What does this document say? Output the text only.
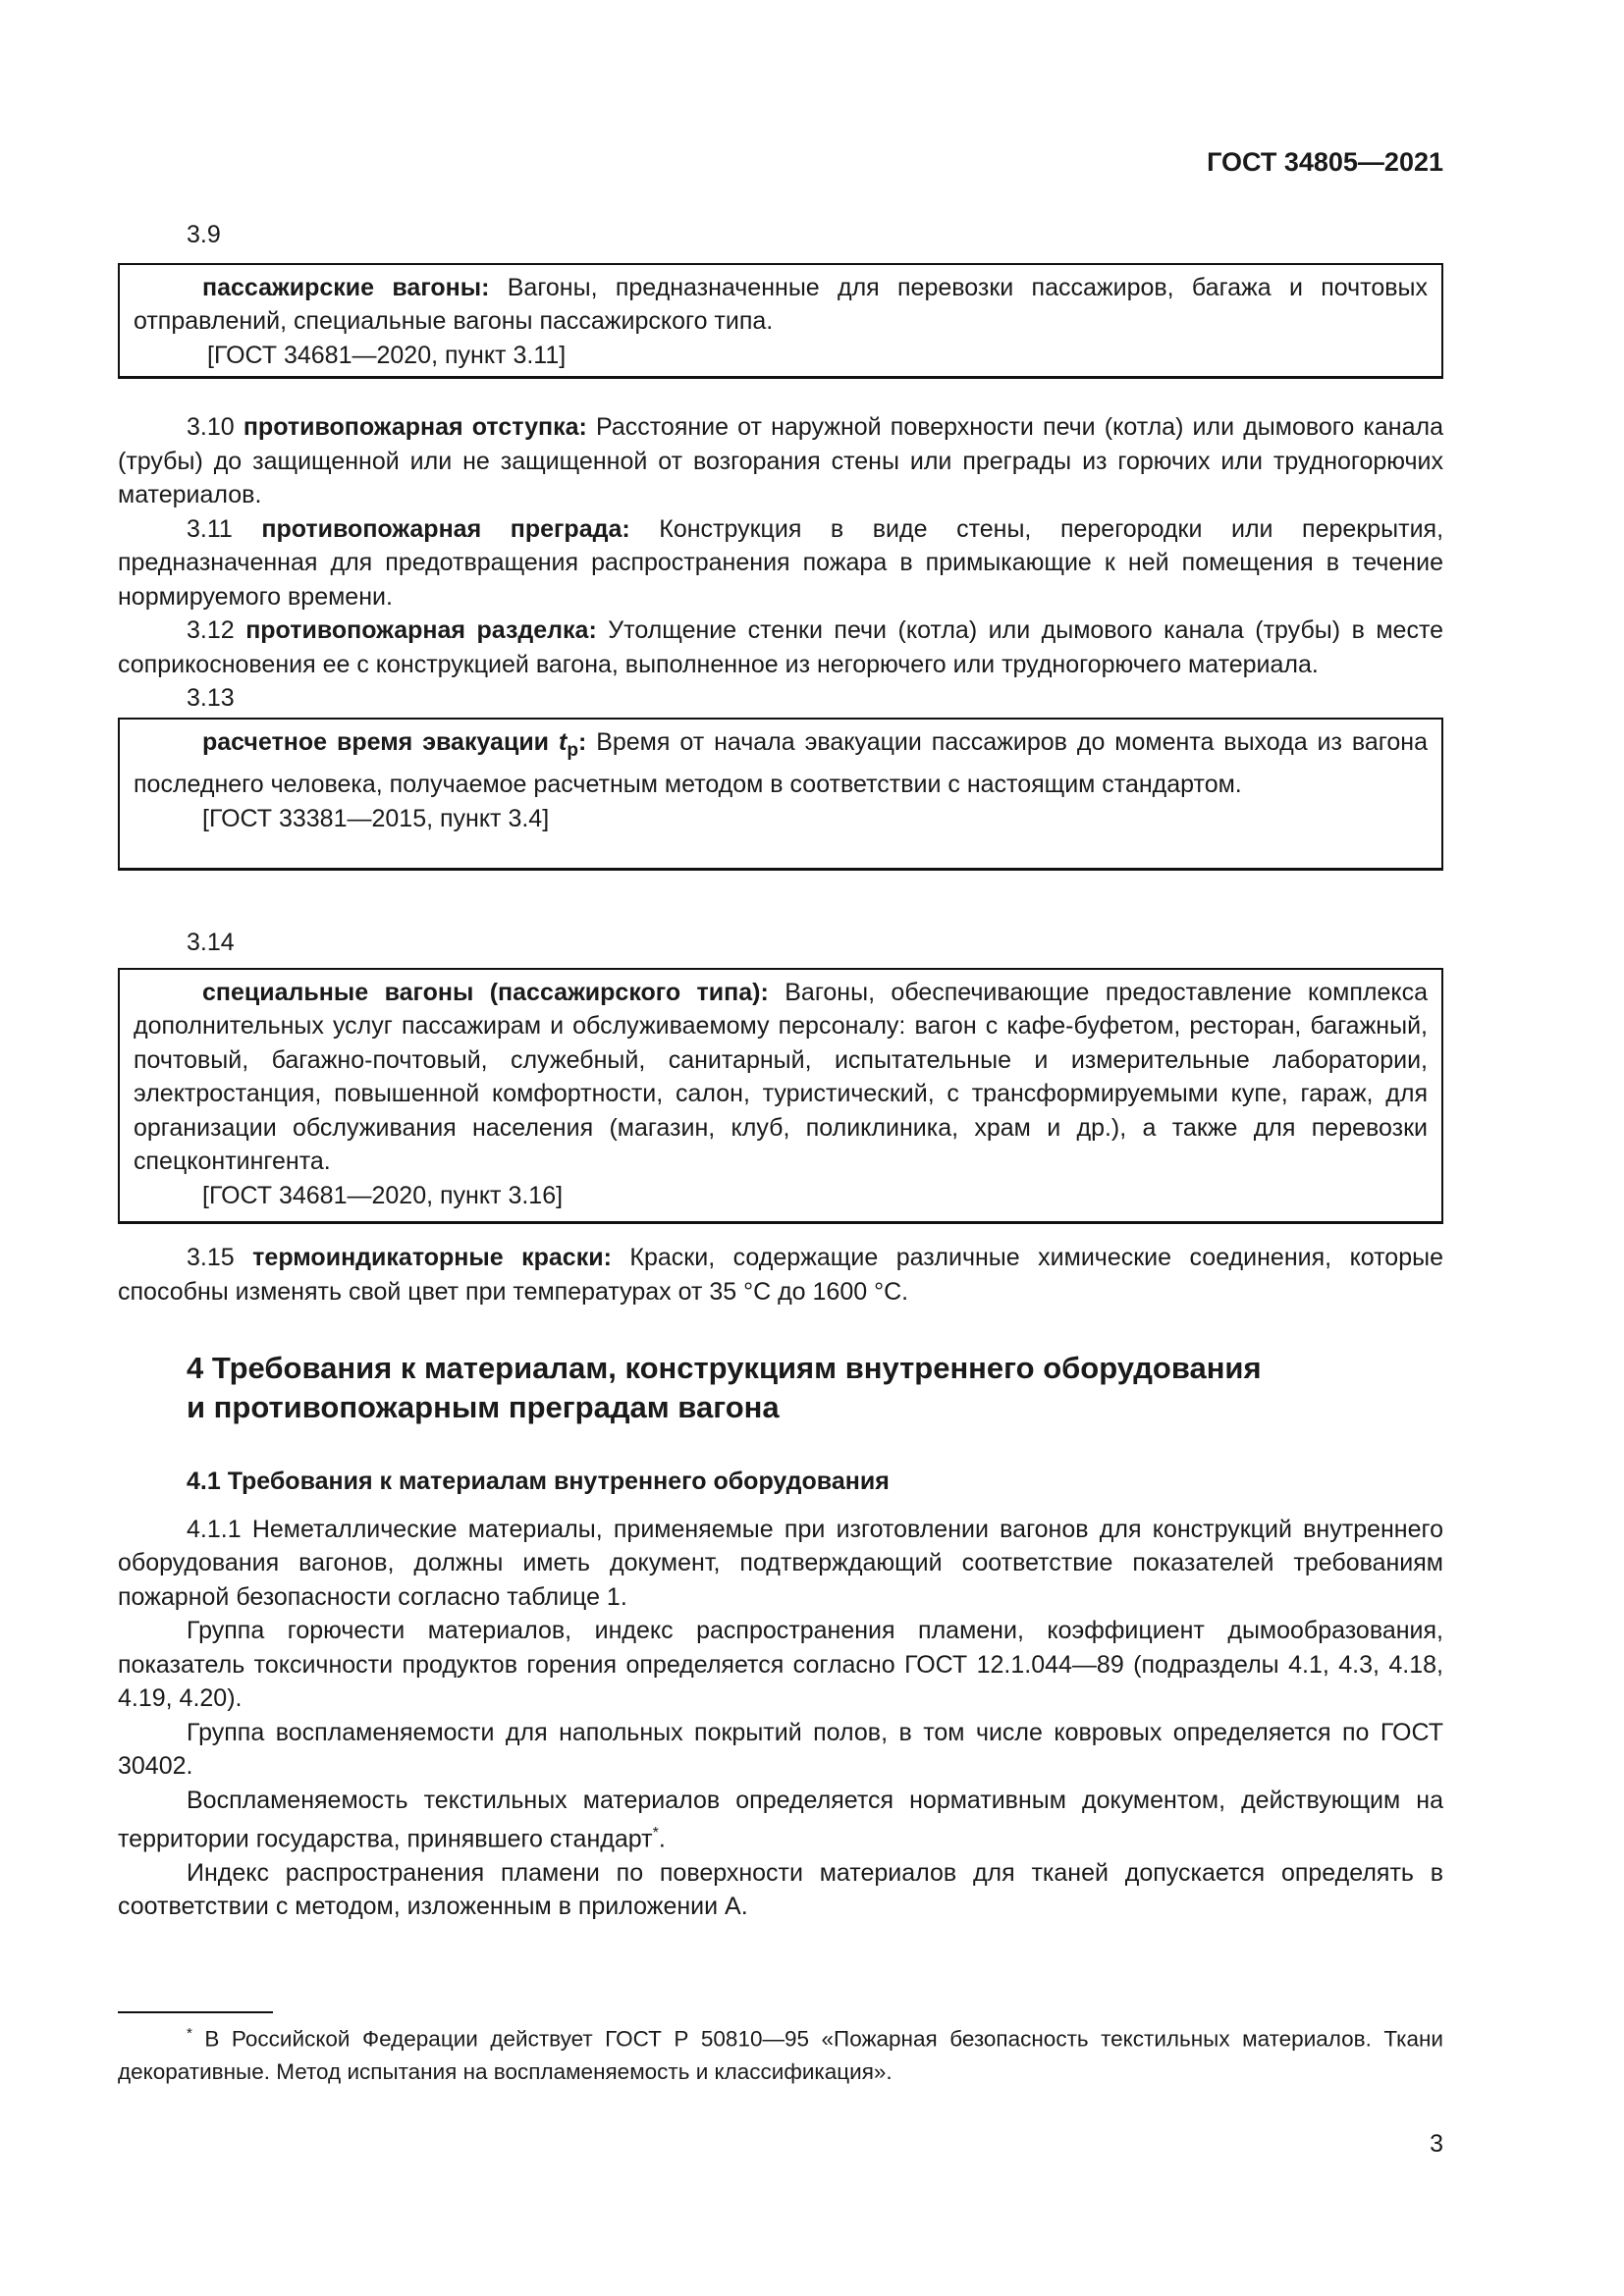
ГОСТ 34805—2021

3.9

пассажирские вагоны: Вагоны, предназначенные для перевозки пассажиров, багажа и почтовых отправлений, специальные вагоны пассажирского типа.

[ГОСТ 34681—2020, пункт 3.11]

3.10 противопожарная отступка: Расстояние от наружной поверхности печи (котла) или дымового канала (трубы) до защищенной или не защищенной от возгорания стены или преграды из горючих или трудногорючих материалов.

3.11 противопожарная преграда: Конструкция в виде стены, перегородки или перекрытия, предназначенная для предотвращения распространения пожара в примыкающие к ней помещения в течение нормируемого времени.

3.12 противопожарная разделка: Утолщение стенки печи (котла) или дымового канала (трубы) в месте соприкосновения ее с конструкцией вагона, выполненное из негорючего или трудногорючего материала.

3.13

расчетное время эвакуации $t_р$: Время от начала эвакуации пассажиров до момента выхода из вагона последнего человека, получаемое расчетным методом в соответствии с настоящим стандартом.

[ГОСТ 33381—2015, пункт 3.4]

3.14

специальные вагоны (пассажирского типа): Вагоны, обеспечивающие предоставление комплекса дополнительных услуг пассажирам и обслуживаемому персоналу: вагон с кафе-буфетом, ресторан, багажный, почтовый, багажно-почтовый, служебный, санитарный, испытательные и измерительные лаборатории, электростанция, повышенной комфортности, салон, туристический, с трансформируемыми купе, гараж, для организации обслуживания населения (магазин, клуб, поликлиника, храм и др.), а также для перевозки спецконтингента.

[ГОСТ 34681—2020, пункт 3.16]

3.15 термоиндикаторные краски: Краски, содержащие различные химические соединения, которые способны изменять свой цвет при температурах от 35 °С до 1600 °С.

4 Требования к материалам, конструкциям внутреннего оборудования

и противопожарным преградам вагона

4.1 Требования к материалам внутреннего оборудования

4.1.1 Неметаллические материалы, применяемые при изготовлении вагонов для конструкций внутреннего оборудования вагонов, должны иметь документ, подтверждающий соответствие показателей требованиям пожарной безопасности согласно таблице 1.

Группа горючести материалов, индекс распространения пламени, коэффициент дымообразования, показатель токсичности продуктов горения определяется согласно ГОСТ 12.1.044—89 (подразделы 4.1, 4.3, 4.18, 4.19, 4.20).

Группа воспламеняемости для напольных покрытий полов, в том числе ковровых определяется по ГОСТ 30402.

Воспламеняемость текстильных материалов определяется нормативным документом, действующим на территории государства, принявшего стандарт*.

Индекс распространения пламени по поверхности материалов для тканей допускается определять в соответствии с методом, изложенным в приложении А.

* В Российской Федерации действует ГОСТ Р 50810—95 «Пожарная безопасность текстильных материалов. Ткани декоративные. Метод испытания на воспламеняемость и классификация».

3
